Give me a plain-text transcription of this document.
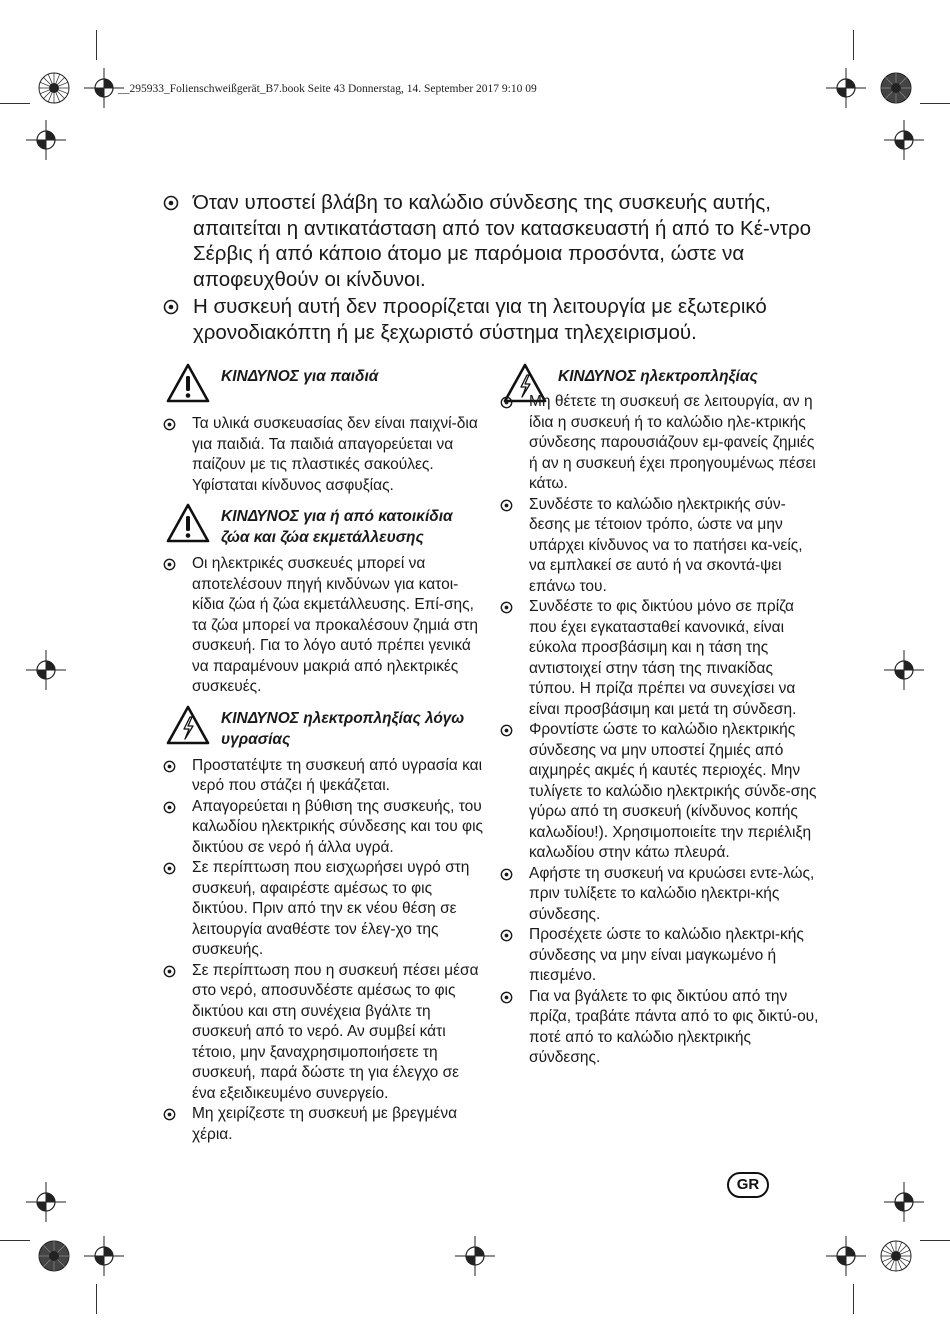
__295933_Folienschweißgerät_B7.book Seite 43 Donnerstag, 14. September 2017 9:10 09
Όταν υποστεί βλάβη το καλώδιο σύνδεσης της συσκευής αυτής, απαιτείται η αντικατάσταση από τον κατασκευαστή ή από το Κέ-ντρο Σέρβις ή από κάποιο άτομο με παρόμοια προσόντα, ώστε να αποφευχθούν οι κίνδυνοι.
Η συσκευή αυτή δεν προορίζεται για τη λειτουργία με εξωτερικό χρονοδιακόπτη ή με ξεχωριστό σύστημα τηλεχειρισμού.
ΚΙΝΔΥΝΟΣ για παιδιά
Τα υλικά συσκευασίας δεν είναι παιχνί-δια για παιδιά. Τα παιδιά απαγορεύεται να παίζουν με τις πλαστικές σακούλες. Υφίσταται κίνδυνος ασφυξίας.
ΚΙΝΔΥΝΟΣ για ή από κατοικίδια ζώα και ζώα εκμετάλλευσης
Οι ηλεκτρικές συσκευές μπορεί να αποτελέσουν πηγή κινδύνων για κατοι-κίδια ζώα ή ζώα εκμετάλλευσης. Επί-σης, τα ζώα μπορεί να προκαλέσουν ζημιά στη συσκευή. Για το λόγο αυτό πρέπει γενικά να παραμένουν μακριά από ηλεκτρικές συσκευές.
ΚΙΝΔΥΝΟΣ ηλεκτροπληξίας λόγω υγρασίας
Προστατέψτε τη συσκευή από υγρασία και νερό που στάζει ή ψεκάζεται.
Απαγορεύεται η βύθιση της συσκευής, του καλωδίου ηλεκτρικής σύνδεσης και του φις δικτύου σε νερό ή άλλα υγρά.
Σε περίπτωση που εισχωρήσει υγρό στη συσκευή, αφαιρέστε αμέσως το φις δικτύου. Πριν από την εκ νέου θέση σε λειτουργία αναθέστε τον έλεγ-χο της συσκευής.
Σε περίπτωση που η συσκευή πέσει μέσα στο νερό, αποσυνδέστε αμέσως το φις δικτύου και στη συνέχεια βγάλτε τη συσκευή από το νερό. Αν συμβεί κάτι τέτοιο, μην ξαναχρησιμοποιήσετε τη συσκευή, παρά δώστε τη για έλεγχο σε ένα εξειδικευμένο συνεργείο.
Μη χειρίζεστε τη συσκευή με βρεγμένα χέρια.
ΚΙΝΔΥΝΟΣ ηλεκτροπληξίας
Μη θέτετε τη συσκευή σε λειτουργία, αν η ίδια η συσκευή ή το καλώδιο ηλε-κτρικής σύνδεσης παρουσιάζουν εμ-φανείς ζημιές ή αν η συσκευή έχει προηγουμένως πέσει κάτω.
Συνδέστε το καλώδιο ηλεκτρικής σύν-δεσης με τέτοιον τρόπο, ώστε να μην υπάρχει κίνδυνος να το πατήσει κα-νείς, να εμπλακεί σε αυτό ή να σκοντά-ψει επάνω του.
Συνδέστε το φις δικτύου μόνο σε πρίζα που έχει εγκατασταθεί κανονικά, είναι εύκολα προσβάσιμη και η τάση της αντιστοιχεί στην τάση της πινακίδας τύπου. Η πρίζα πρέπει να συνεχίσει να είναι προσβάσιμη και μετά τη σύνδεση.
Φροντίστε ώστε το καλώδιο ηλεκτρικής σύνδεσης να μην υποστεί ζημιές από αιχμηρές ακμές ή καυτές περιοχές. Μην τυλίγετε το καλώδιο ηλεκτρικής σύνδε-σης γύρω από τη συσκευή (κίνδυνος κοπής καλωδίου!). Χρησιμοποιείτε την περιέλιξη καλωδίου στην κάτω πλευρά.
Αφήστε τη συσκευή να κρυώσει εντε-λώς, πριν τυλίξετε το καλώδιο ηλεκτρι-κής σύνδεσης.
Προσέχετε ώστε το καλώδιο ηλεκτρι-κής σύνδεσης να μην είναι μαγκωμένο ή πιεσμένο.
Για να βγάλετε το φις δικτύου από την πρίζα, τραβάτε πάντα από το φις δικτύ-ου, ποτέ από το καλώδιο ηλεκτρικής σύνδεσης.
GR
